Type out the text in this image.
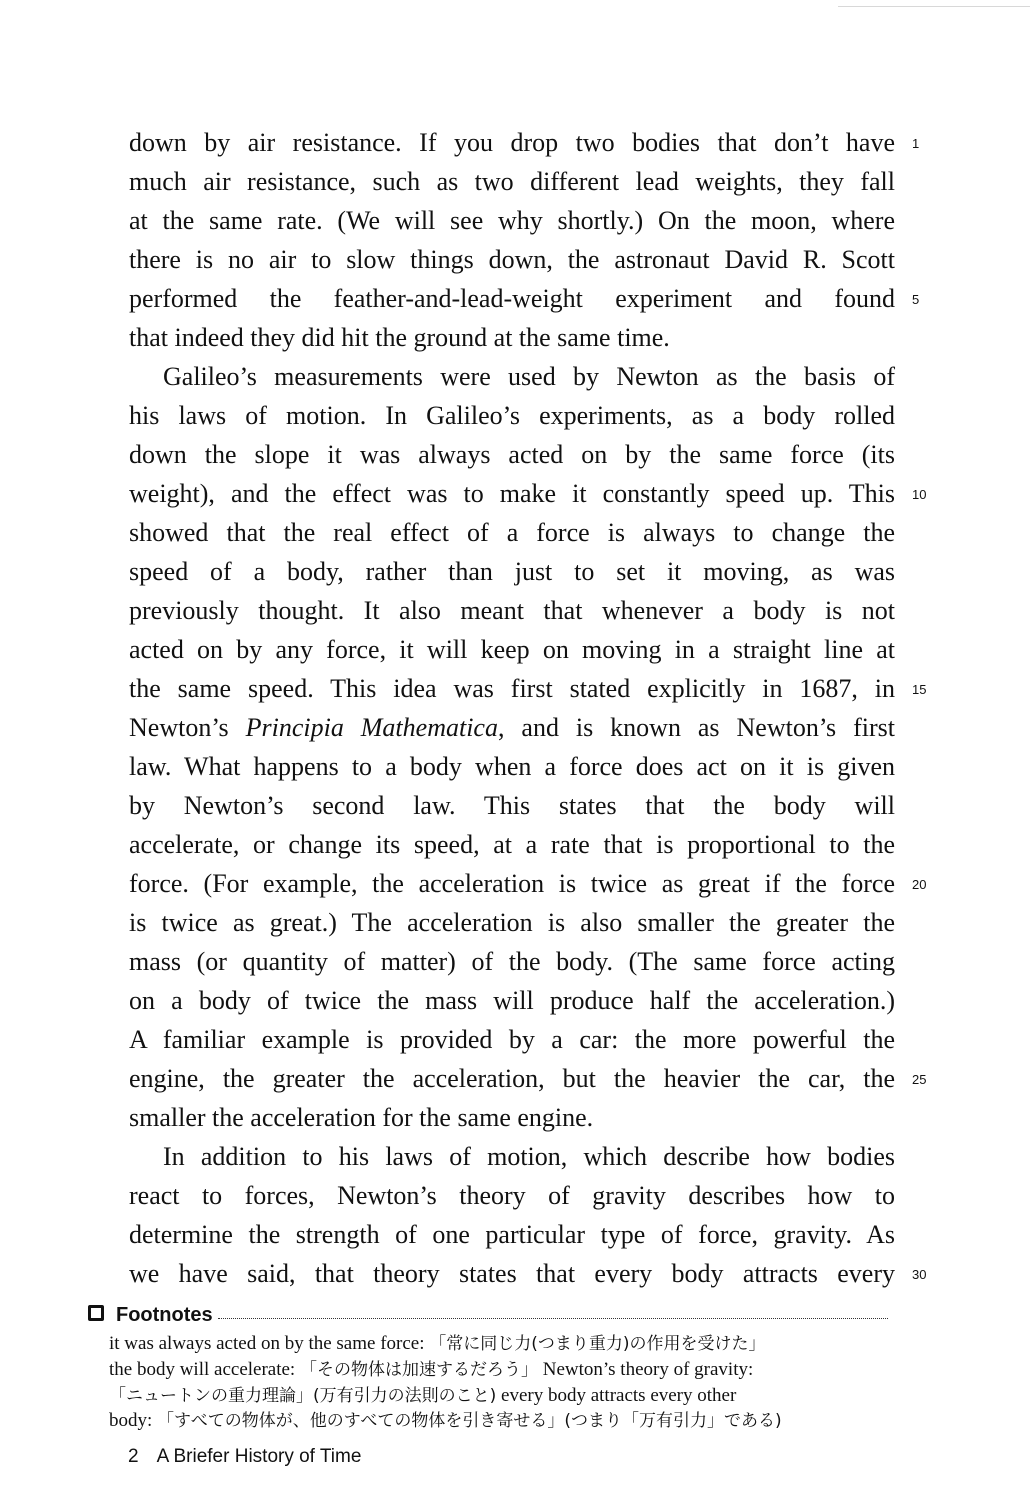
down by air resistance. If you drop two bodies that don’t have
much air resistance, such as two different lead weights, they fall
at the same rate. (We will see why shortly.) On the moon, where
there is no air to slow things down, the astronaut David R. Scott
performed the feather-and-lead-weight experiment and found
that indeed they did hit the ground at the same time.
Galileo’s measurements were used by Newton as the basis of
his laws of motion. In Galileo’s experiments, as a body rolled
down the slope it was always acted on by the same force (its
weight), and the effect was to make it constantly speed up. This
showed that the real effect of a force is always to change the
speed of a body, rather than just to set it moving, as was
previously thought. It also meant that whenever a body is not
acted on by any force, it will keep on moving in a straight line at
the same speed. This idea was first stated explicitly in 1687, in
Newton’s Principia Mathematica, and is known as Newton’s first
law. What happens to a body when a force does act on it is given
by Newton’s second law. This states that the body will
accelerate, or change its speed, at a rate that is proportional to the
force. (For example, the acceleration is twice as great if the force
is twice as great.) The acceleration is also smaller the greater the
mass (or quantity of matter) of the body. (The same force acting
on a body of twice the mass will produce half the acceleration.)
A familiar example is provided by a car: the more powerful the
engine, the greater the acceleration, but the heavier the car, the
smaller the acceleration for the same engine.
In addition to his laws of motion, which describe how bodies
react to forces, Newton’s theory of gravity describes how to
determine the strength of one particular type of force, gravity. As
we have said, that theory states that every body attracts every
Footnotes
it was always acted on by the same force: 「常に同じ力(つまり重力)の作用を受けた」
the body will accelerate: 「その物体は加速するだろう」 Newton’s theory of gravity:
「ニュートンの重力理論」(万有引力の法則のこと) every body attracts every other
body: 「すべての物体が、他のすべての物体を引き寄せる」(つまり「万有引力」である)
2 A Briefer History of Time
1
5
10
15
20
25
30
